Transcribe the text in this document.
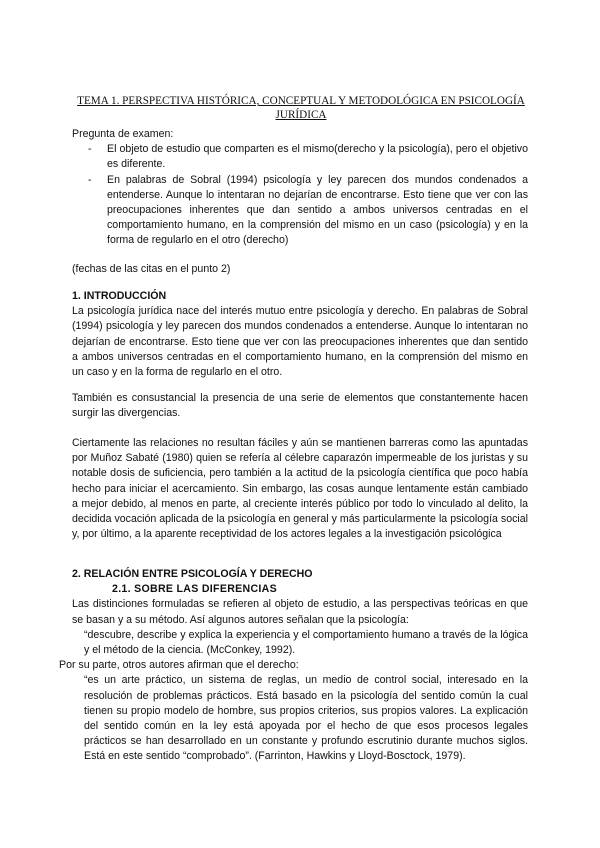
TEMA 1. PERSPECTIVA HISTÓRICA, CONCEPTUAL Y METODOLÓGICA EN PSICOLOGÍA JURÍDICA

Pregunta de examen:

- El objeto de estudio que comparten es el mismo(derecho y la psicología), pero el objetivo es diferente.
- En palabras de Sobral (1994) psicología y ley parecen dos mundos condenados a entenderse. Aunque lo intentaran no dejarían de encontrarse. Esto tiene que ver con las preocupaciones inherentes que dan sentido a ambos universos centradas en el comportamiento humano, en la comprensión del mismo en un caso (psicología) y en la forma de regularlo en el otro (derecho)
(fechas de las citas en el punto 2)

1. INTRODUCCIÓN

La psicología jurídica nace del interés mutuo entre psicología y derecho. En palabras de Sobral (1994) psicología y ley parecen dos mundos condenados a entenderse. Aunque lo intentaran no dejarían de encontrarse. Esto tiene que ver con las preocupaciones inherentes que dan sentido a ambos universos centradas en el comportamiento humano, en la comprensión del mismo en un caso y en la forma de regularlo en el otro.

También es consustancial la presencia de una serie de elementos que constantemente hacen surgir las divergencias.
Ciertamente las relaciones no resultan fáciles y aún se mantienen barreras como las apuntadas por Muñoz Sabaté (1980) quien se refería al célebre caparazón impermeable de los juristas y su notable dosis de suficiencia, pero también a la actitud de la psicología científica que poco había hecho para iniciar el acercamiento. Sin embargo, las cosas aunque lentamente están cambiado a mejor debido, al menos en parte, al creciente interés público por todo lo vinculado al delito, la decidida vocación aplicada de la psicología en general y más particularmente la psicología social y, por último, a la aparente receptividad de los actores legales a la investigación psicológica

2. RELACIÓN ENTRE PSICOLOGÍA Y DERECHO

2.1. SOBRE LAS DIFERENCIAS

Las distinciones formuladas se refieren al objeto de estudio, a las perspectivas teóricas en que se basan y a su método. Así algunos autores señalan que la psicología:

“descubre, describe y explica la experiencia y el comportamiento humano a través de la lógica y el método de la ciencia. (McConkey, 1992).

Por su parte, otros autores afirman que el derecho:

“es un arte práctico, un sistema de reglas, un medio de control social, interesado en la resolución de problemas prácticos. Está basado en la psicología del sentido común la cual tienen su propio modelo de hombre, sus propios criterios, sus propios valores. La explicación del sentido común en la ley está apoyada por el hecho de que esos procesos legales prácticos se han desarrollado en un constante y profundo escrutinio durante muchos siglos. Está en este sentido “comprobado”. (Farrinton, Hawkins y Lloyd-Bosctock, 1979).
